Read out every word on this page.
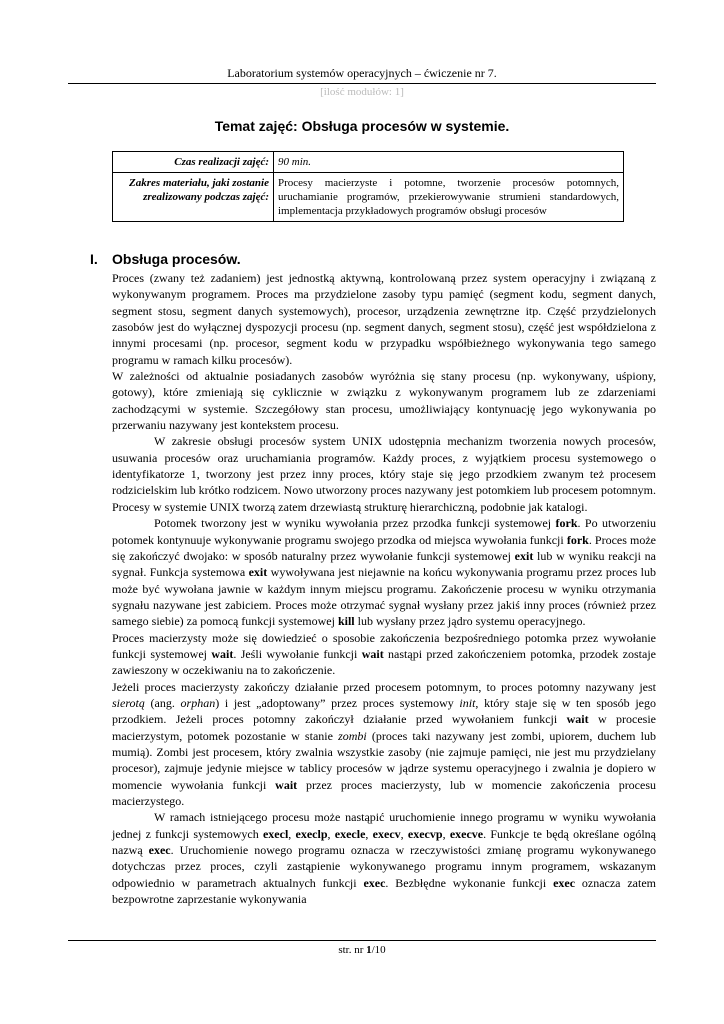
Laboratorium systemów operacyjnych – ćwiczenie nr 7.
[ilość modułów: 1]
Temat zajęć: Obsługa procesów w systemie.
Czas realizacji zajęć:	90 min.
Zakres materiału, jaki zostanie zrealizowany podczas zajęć:	Procesy macierzyste i potomne, tworzenie procesów potomnych, uruchamianie programów, przekierowywanie strumieni standardowych, implementacja przykładowych programów obsługi procesów
I. Obsługa procesów.

Proces (zwany też zadaniem) jest jednostką aktywną, kontrolowaną przez system operacyjny i związaną z wykonywanym programem. Proces ma przydzielone zasoby typu pamięć (segment kodu, segment danych, segment stosu, segment danych systemowych), procesor, urządzenia zewnętrzne itp. Część przydzielonych zasobów jest do wyłącznej dyspozycji procesu (np. segment danych, segment stosu), część jest współdzielona z innymi procesami (np. procesor, segment kodu w przypadku współbieżnego wykonywania tego samego programu w ramach kilku procesów).

W zależności od aktualnie posiadanych zasobów wyróżnia się stany procesu (np. wykonywany, uśpiony, gotowy), które zmieniają się cyklicznie w związku z wykonywanym programem lub ze zdarzeniami zachodzącymi w systemie. Szczegółowy stan procesu, umożliwiający kontynuację jego wykonywania po przerwaniu nazywany jest kontekstem procesu.

W zakresie obsługi procesów system UNIX udostępnia mechanizm tworzenia nowych procesów, usuwania procesów oraz uruchamiania programów. Każdy proces, z wyjątkiem procesu systemowego o identyfikatorze 1, tworzony jest przez inny proces, który staje się jego przodkiem zwanym też procesem rodzicielskim lub krótko rodzicem. Nowo utworzony proces nazywany jest potomkiem lub procesem potomnym. Procesy w systemie UNIX tworzą zatem drzewiastą strukturę hierarchiczną, podobnie jak katalogi.

Potomek tworzony jest w wyniku wywołania przez przodka funkcji systemowej fork. Po utworzeniu potomek kontynuuje wykonywanie programu swojego przodka od miejsca wywołania funkcji fork. Proces może się zakończyć dwojako: w sposób naturalny przez wywołanie funkcji systemowej exit lub w wyniku reakcji na sygnał. Funkcja systemowa exit wywoływana jest niejawnie na końcu wykonywania programu przez proces lub może być wywołana jawnie w każdym innym miejscu programu. Zakończenie procesu w wyniku otrzymania sygnału nazywane jest zabiciem. Proces może otrzymać sygnał wysłany przez jakiś inny proces (również przez samego siebie) za pomocą funkcji systemowej kill lub wysłany przez jądro systemu operacyjnego.

Proces macierzysty może się dowiedzieć o sposobie zakończenia bezpośredniego potomka przez wywołanie funkcji systemowej wait. Jeśli wywołanie funkcji wait nastąpi przed zakończeniem potomka, przodek zostaje zawieszony w oczekiwaniu na to zakończenie.

Jeżeli proces macierzysty zakończy działanie przed procesem potomnym, to proces potomny nazywany jest sierotą (ang. orphan) i jest „adoptowany” przez proces systemowy init, który staje się w ten sposób jego przodkiem. Jeżeli proces potomny zakończył działanie przed wywołaniem funkcji wait w procesie macierzystym, potomek pozostanie w stanie zombi (proces taki nazywany jest zombi, upiorem, duchem lub mumią). Zombi jest procesem, który zwalnia wszystkie zasoby (nie zajmuje pamięci, nie jest mu przydzielany procesor), zajmuje jedynie miejsce w tablicy procesów w jądrze systemu operacyjnego i zwalnia je dopiero w momencie wywołania funkcji wait przez proces macierzysty, lub w momencie zakończenia procesu macierzystego.

W ramach istniejącego procesu może nastąpić uruchomienie innego programu w wyniku wywołania jednej z funkcji systemowych execl, execlp, execle, execv, execvp, execve. Funkcje te będą określane ogólną nazwą exec. Uruchomienie nowego programu oznacza w rzeczywistości zmianę programu wykonywanego dotychczas przez proces, czyli zastąpienie wykonywanego programu innym programem, wskazanym odpowiednio w parametrach aktualnych funkcji exec. Bezbłędne wykonanie funkcji exec oznacza zatem bezpowrotne zaprzestanie wykonywania

str. nr 1/10
